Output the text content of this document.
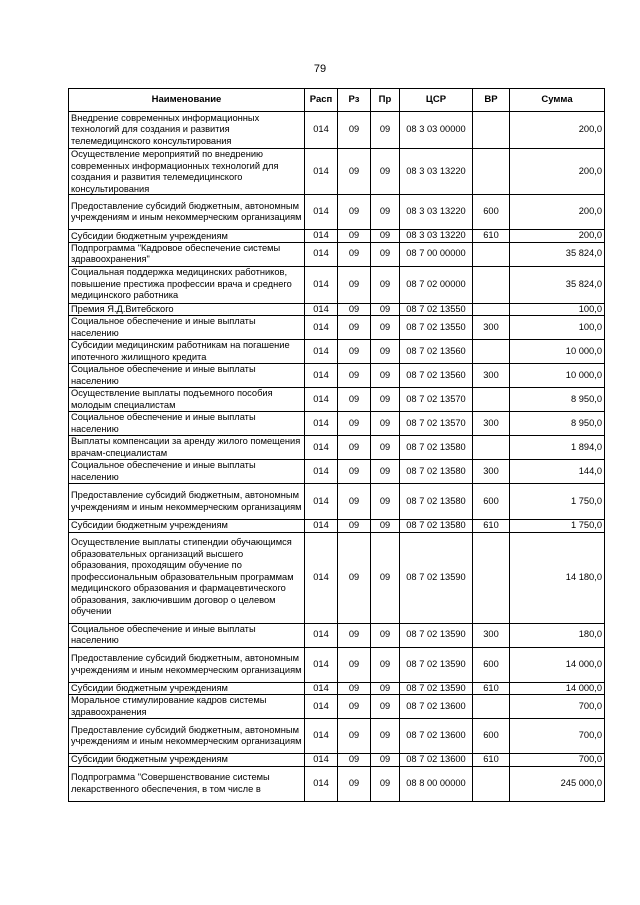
79
Наименование	Расп	Рз	Пр	ЦСР	ВР	Сумма

Внедрение современных информационных технологий для создания и развития телемедицинского консультирования	014	09	09	08 3 03 00000		200,0

Осуществление мероприятий по внедрению современных информационных технологий для создания и развития телемедицинского консультирования	014	09	09	08 3 03 13220		200,0

Предоставление субсидий бюджетным, автономным учреждениям и иным некоммерческим организациям	014	09	09	08 3 03 13220	600	200,0

Субсидии бюджетным учреждениям	014	09	09	08 3 03 13220	610	200,0

Подпрограмма "Кадровое обеспечение системы здравоохранения"	014	09	09	08 7 00 00000		35 824,0

Социальная поддержка медицинских работников, повышение престижа профессии врача и среднего медицинского работника	014	09	09	08 7 02 00000		35 824,0

Премия Я.Д.Витебского	014	09	09	08 7 02 13550		100,0

Социальное обеспечение и иные выплаты населению	014	09	09	08 7 02 13550	300	100,0

Субсидии медицинским работникам на погашение ипотечного жилищного кредита	014	09	09	08 7 02 13560		10 000,0

Социальное обеспечение и иные выплаты населению	014	09	09	08 7 02 13560	300	10 000,0

Осуществление выплаты подъемного пособия молодым специалистам	014	09	09	08 7 02 13570		8 950,0

Социальное обеспечение и иные выплаты населению	014	09	09	08 7 02 13570	300	8 950,0

Выплаты компенсации за аренду жилого помещения врачам-специалистам	014	09	09	08 7 02 13580		1 894,0

Социальное обеспечение и иные выплаты населению	014	09	09	08 7 02 13580	300	144,0

Предоставление субсидий бюджетным, автономным учреждениям и иным некоммерческим организациям	014	09	09	08 7 02 13580	600	1 750,0

Субсидии бюджетным учреждениям	014	09	09	08 7 02 13580	610	1 750,0

Осуществление выплаты стипендии обучающимся образовательных организаций высшего образования, проходящим обучение по профессиональным образовательным программам медицинского образования и фармацевтического образования, заключившим договор о целевом обучении	014	09	09	08 7 02 13590		14 180,0

Социальное обеспечение и иные выплаты населению	014	09	09	08 7 02 13590	300	180,0

Предоставление субсидий бюджетным, автономным учреждениям и иным некоммерческим организациям	014	09	09	08 7 02 13590	600	14 000,0

Субсидии бюджетным учреждениям	014	09	09	08 7 02 13590	610	14 000,0

Моральное стимулирование кадров системы здравоохранения	014	09	09	08 7 02 13600		700,0

Предоставление субсидий бюджетным, автономным учреждениям и иным некоммерческим организациям	014	09	09	08 7 02 13600	600	700,0

Субсидии бюджетным учреждениям	014	09	09	08 7 02 13600	610	700,0

Подпрограмма "Совершенствование системы лекарственного обеспечения, в том числе в	014	09	09	08 8 00 00000		245 000,0
